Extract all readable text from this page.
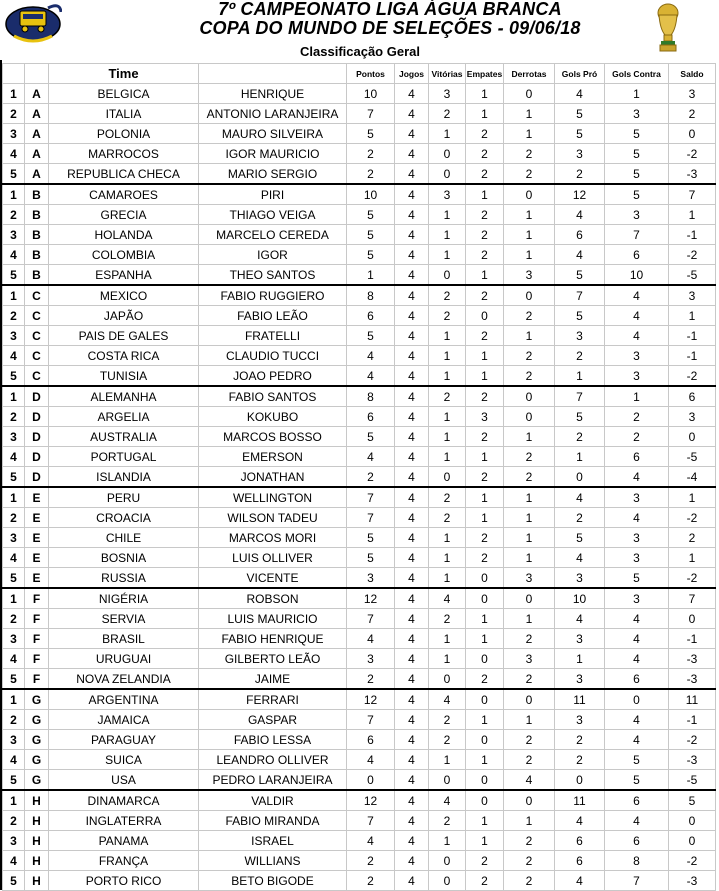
7º CAMPEONATO LIGA ÁGUA BRANCA
COPA DO MUNDO DE SELEÇÕES - 09/06/18
Classificação Geral
		Time		Pontos	Jogos	Vitórias	Empates	Derrotas	Gols Pró	Gols Contra	Saldo
1	A	BELGICA	HENRIQUE	10	4	3	1	0	4	1	3
2	A	ITALIA	ANTONIO LARANJEIRA	7	4	2	1	1	5	3	2
3	A	POLONIA	MAURO SILVEIRA	5	4	1	2	1	5	5	0
4	A	MARROCOS	IGOR MAURICIO	2	4	0	2	2	3	5	-2
5	A	REPUBLICA CHECA	MARIO SERGIO	2	4	0	2	2	2	5	-3
1	B	CAMAROES	PIRI	10	4	3	1	0	12	5	7
2	B	GRECIA	THIAGO VEIGA	5	4	1	2	1	4	3	1
3	B	HOLANDA	MARCELO CEREDA	5	4	1	2	1	6	7	-1
4	B	COLOMBIA	IGOR	5	4	1	2	1	4	6	-2
5	B	ESPANHA	THEO SANTOS	1	4	0	1	3	5	10	-5
1	C	MEXICO	FABIO RUGGIERO	8	4	2	2	0	7	4	3
2	C	JAPÃO	FABIO LEÃO	6	4	2	0	2	5	4	1
3	C	PAIS DE GALES	FRATELLI	5	4	1	2	1	3	4	-1
4	C	COSTA RICA	CLAUDIO TUCCI	4	4	1	1	2	2	3	-1
5	C	TUNISIA	JOAO PEDRO	4	4	1	1	2	1	3	-2
1	D	ALEMANHA	FABIO SANTOS	8	4	2	2	0	7	1	6
2	D	ARGELIA	KOKUBO	6	4	1	3	0	5	2	3
3	D	AUSTRALIA	MARCOS BOSSO	5	4	1	2	1	2	2	0
4	D	PORTUGAL	EMERSON	4	4	1	1	2	1	6	-5
5	D	ISLANDIA	JONATHAN	2	4	0	2	2	0	4	-4
1	E	PERU	WELLINGTON	7	4	2	1	1	4	3	1
2	E	CROACIA	WILSON TADEU	7	4	2	1	1	2	4	-2
3	E	CHILE	MARCOS MORI	5	4	1	2	1	5	3	2
4	E	BOSNIA	LUIS OLLIVER	5	4	1	2	1	4	3	1
5	E	RUSSIA	VICENTE	3	4	1	0	3	3	5	-2
1	F	NIGÉRIA	ROBSON	12	4	4	0	0	10	3	7
2	F	SERVIA	LUIS MAURICIO	7	4	2	1	1	4	4	0
3	F	BRASIL	FABIO HENRIQUE	4	4	1	1	2	3	4	-1
4	F	URUGUAI	GILBERTO LEÃO	3	4	1	0	3	1	4	-3
5	F	NOVA ZELANDIA	JAIME	2	4	0	2	2	3	6	-3
1	G	ARGENTINA	FERRARI	12	4	4	0	0	11	0	11
2	G	JAMAICA	GASPAR	7	4	2	1	1	3	4	-1
3	G	PARAGUAY	FABIO LESSA	6	4	2	0	2	2	4	-2
4	G	SUICA	LEANDRO OLLIVER	4	4	1	1	2	2	5	-3
5	G	USA	PEDRO LARANJEIRA	0	4	0	0	4	0	5	-5
1	H	DINAMARCA	VALDIR	12	4	4	0	0	11	6	5
2	H	INGLATERRA	FABIO MIRANDA	7	4	2	1	1	4	4	0
3	H	PANAMA	ISRAEL	4	4	1	1	2	6	6	0
4	H	FRANÇA	WILLIANS	2	4	0	2	2	6	8	-2
5	H	PORTO RICO	BETO BIGODE	2	4	0	2	2	4	7	-3
